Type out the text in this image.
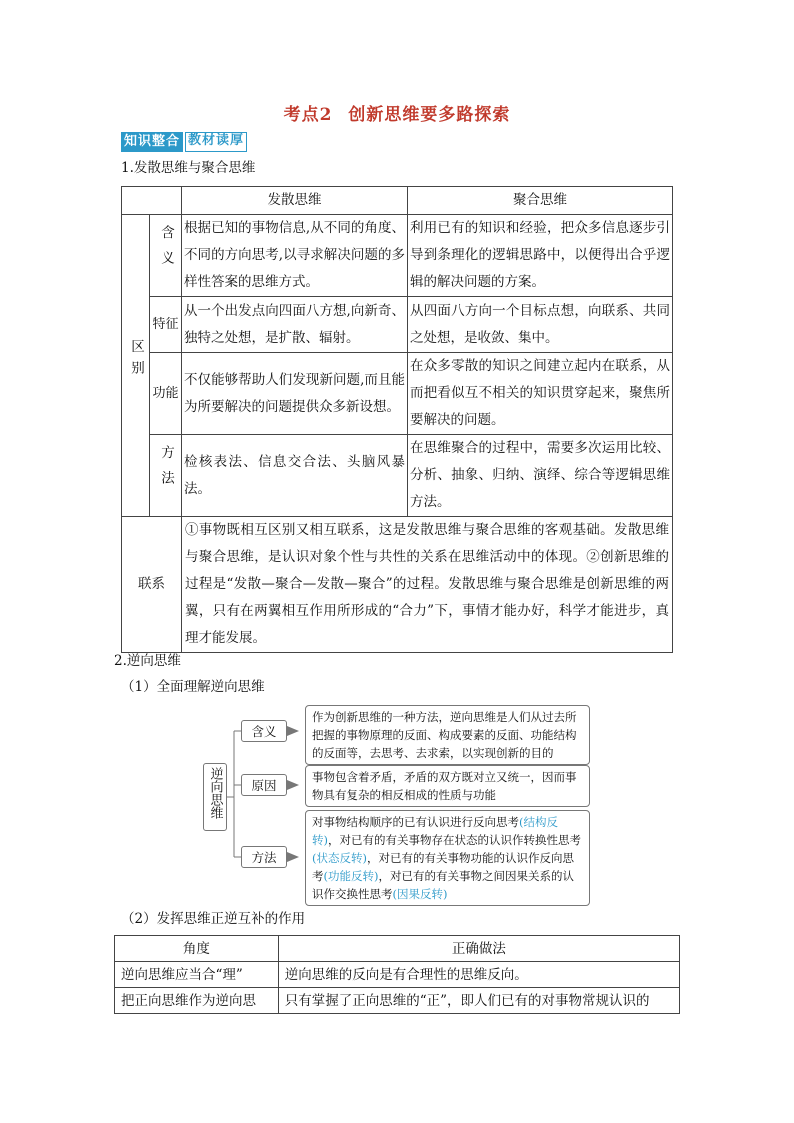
考点2 创新思维要多路探索
知识整合 教材读厚
1.发散思维与聚合思维
		发散思维	聚合思维
区别	含义	根据已知的事物信息,从不同的角度、不同的方向思考,以寻求解决问题的多样性答案的思维方式。	利用已有的知识和经验，把众多信息逐步引导到条理化的逻辑思路中，以便得出合乎逻辑的解决问题的方案。
	特征	从一个出发点向四面八方想,向新奇、独特之处想，是扩散、辐射。	从四面八方向一个目标点想，向联系、共同之处想，是收敛、集中。
	功能	不仅能够帮助人们发现新问题,而且能为所要解决的问题提供众多新设想。	在众多零散的知识之间建立起内在联系，从而把看似互不相关的知识贯穿起来，聚焦所要解决的问题。
	方法	检核表法、信息交合法、头脑风暴法。	在思维聚合的过程中，需要多次运用比较、分析、抽象、归纳、演绎、综合等逻辑思维方法。
联系		①事物既相互区别又相互联系，这是发散思维与聚合思维的客观基础。发散思维与聚合思维，是认识对象个性与共性的关系在思维活动中的体现。②创新思维的过程是“发散—聚合—发散—聚合”的过程。发散思维与聚合思维是创新思维的两翼，只有在两翼相互作用所形成的“合力”下，事情才能办好，科学才能进步，真理才能发展。	
2.逆向思维
（1）全面理解逆向思维
逆向思维
含义
原因
方法
作为创新思维的一种方法，逆向思维是人们从过去所把握的事物原理的反面、构成要素的反面、功能结构的反面等，去思考、去求索，以实现创新的目的
事物包含着矛盾，矛盾的双方既对立又统一，因而事物具有复杂的相反相成的性质与功能
对事物结构顺序的已有认识进行反向思考(结构反转)，对已有的有关事物存在状态的认识作转换性思考(状态反转)，对已有的有关事物功能的认识作反向思考(功能反转)，对已有的有关事物之间因果关系的认识作交换性思考(因果反转)
（2）发挥思维正逆互补的作用
角度	正确做法
逆向思维应当合“理”	逆向思维的反向是有合理性的思维反向。
把正向思维作为逆向思	只有掌握了正向思维的“正”，即人们已有的对事物常规认识的
